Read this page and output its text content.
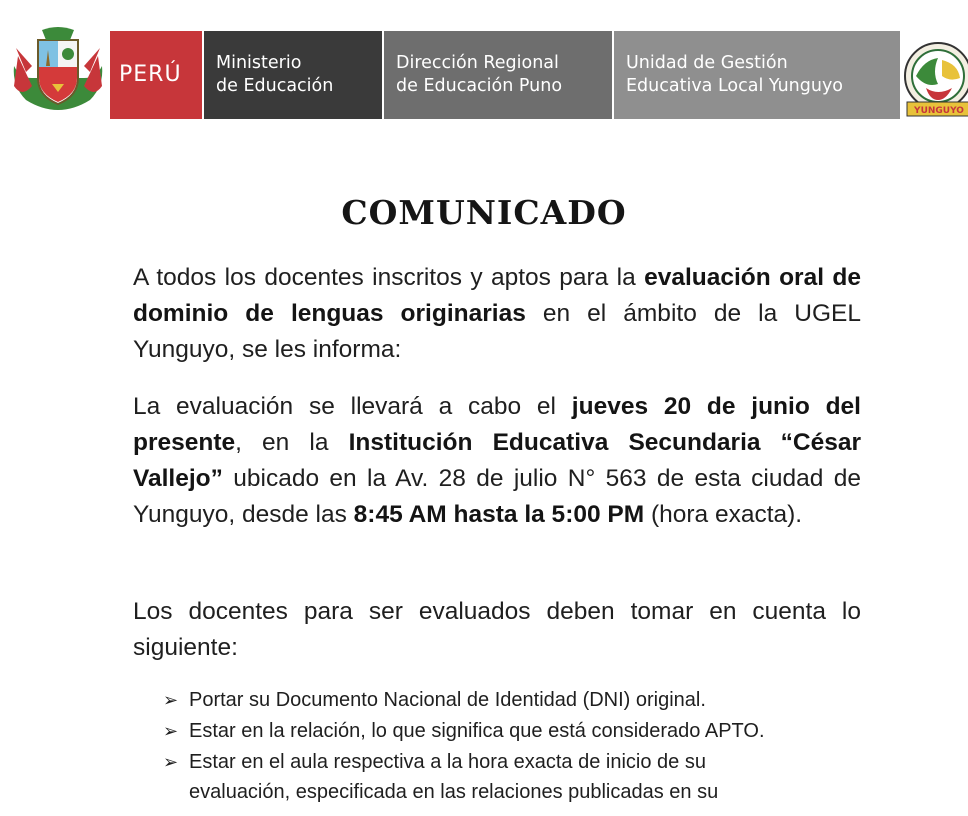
PERÚ Ministerio
de Educación
Dirección Regional
de Educación Puno
Unidad de Gestión
Educativa Local Yunguyo
YUNGUYO
COMUNICADO

A todos los docentes inscritos y aptos para la evaluación oral de dominio de lenguas originarias en el ámbito de la UGEL Yunguyo, se les informa:

La evaluación se llevará a cabo el jueves 20 de junio del presente, en la Institución Educativa Secundaria “César Vallejo” ubicado en la Av. 28 de julio N° 563 de esta ciudad de Yunguyo, desde las 8:45 AM hasta la 5:00 PM (hora exacta).

Los docentes para ser evaluados deben tomar en cuenta lo siguiente:

➢ Portar su Documento Nacional de Identidad (DNI) original.
➢ Estar en la relación, lo que significa que está considerado APTO.
➢ Estar en el aula respectiva a la hora exacta de inicio de su
evaluación, especificada en las relaciones publicadas en su
